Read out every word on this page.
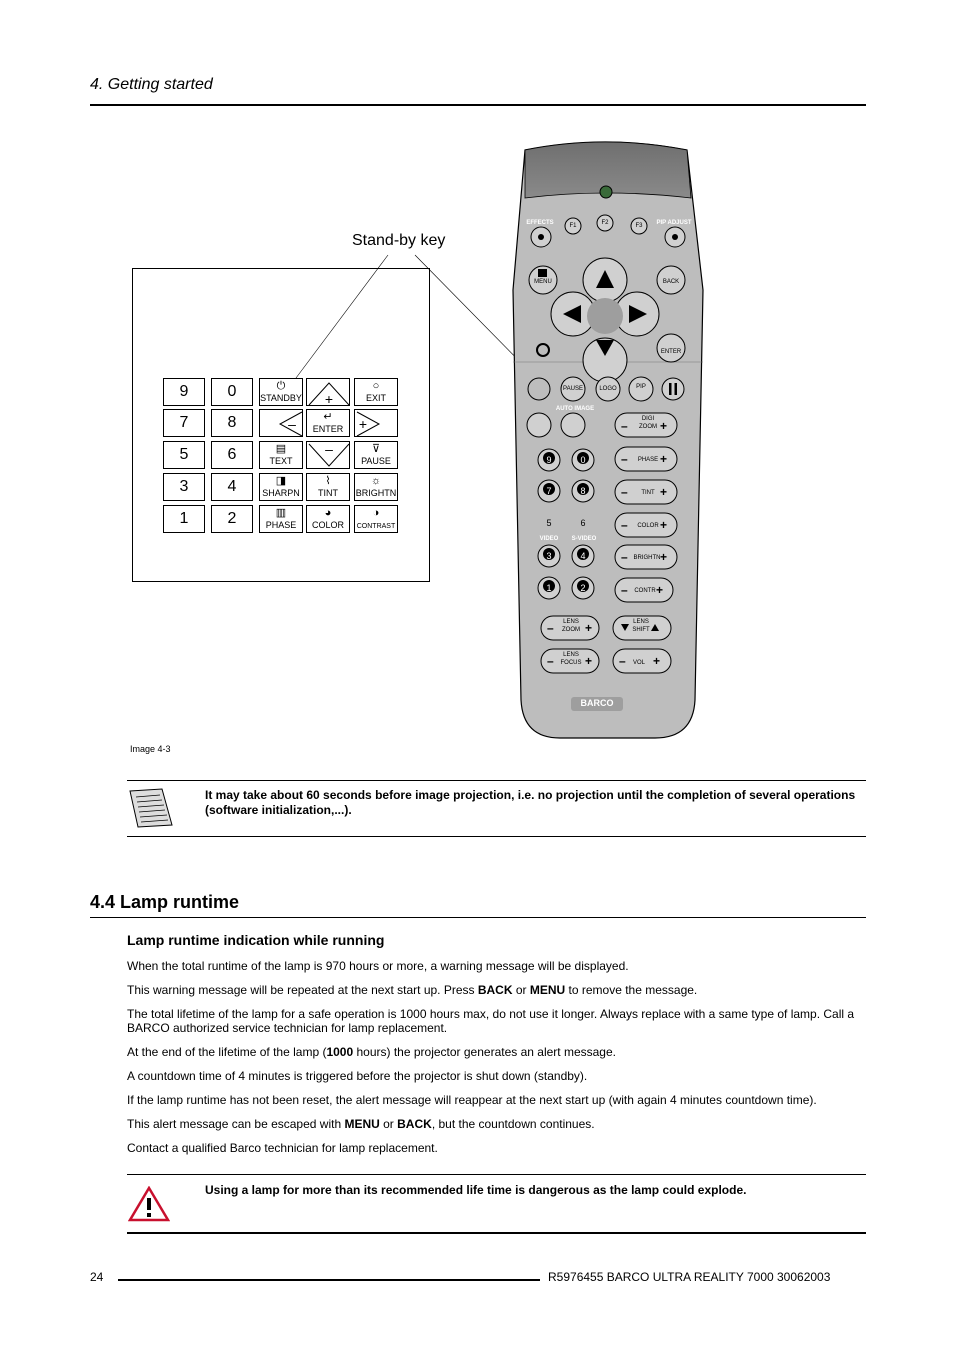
4. Getting started
Stand-by key
9	0
7	8
5	6
3	4
1	2
⏻
STANDBY +
○
EXIT
–	↵
ENTER	+
▤
TEXT
–	⊽
PAUSE
◨
SHARPN
⌇
TINT
☼
BRIGHTN
▥
PHASE
◕
COLOR
◑
CONTRAST
–	+
–	+
–	+
–	+
–	+
– +
–	+
–	+ – +
F1	F2	F3
EFFECTS	PIP ADJUST
MENU	BACK
ENTER
PAUSE	LOGO	PIP
AUTO IMAGE
DIGI
ZOOM
PHASE
TINT
COLOR
BRIGHTN
CONTR
LENS
ZOOM
LENS
SHIFT
LENS
FOCUS	VOL
BARCO
9	0
7	8
5	6
3	4
1	2
VIDEO	S-VIDEO
Image 4-3
It may take about 60 seconds before image projection, i.e. no projection until the completion of several operations (software initialization,...).
4.4 Lamp runtime
Lamp runtime indication while running
When the total runtime of the lamp is 970 hours or more, a warning message will be displayed.
This warning message will be repeated at the next start up. Press BACK or MENU to remove the message.
The total lifetime of the lamp for a safe operation is 1000 hours max, do not use it longer. Always replace with a same type of lamp. Call a BARCO authorized service technician for lamp replacement.
At the end of the lifetime of the lamp (1000 hours) the projector generates an alert message.
A countdown time of 4 minutes is triggered before the projector is shut down (standby).
If the lamp runtime has not been reset, the alert message will reappear at the next start up (with again 4 minutes countdown time).
This alert message can be escaped with MENU or BACK, but the countdown continues.
Contact a qualified Barco technician for lamp replacement.
Using a lamp for more than its recommended life time is dangerous as the lamp could explode.
24	R5976455 BARCO ULTRA REALITY 7000 30062003
